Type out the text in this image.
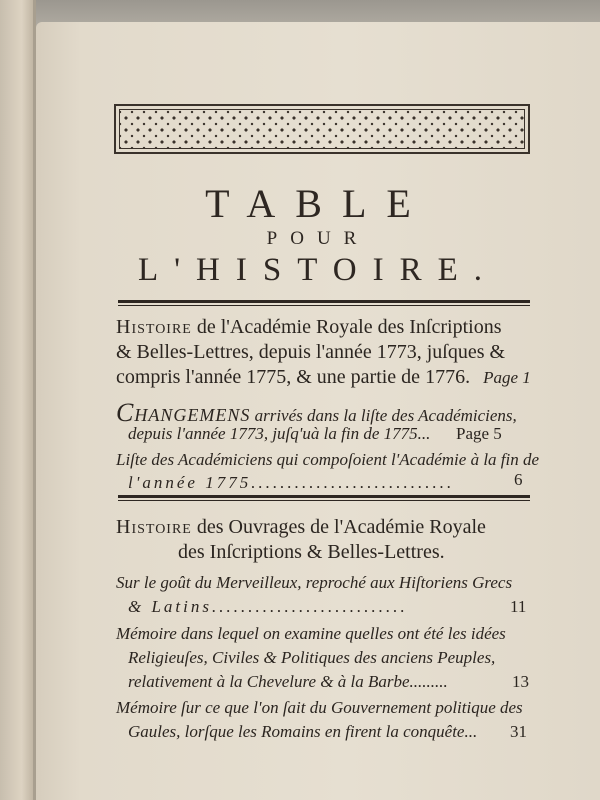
TABLE
POUR
L'HISTOIRE.
Histoire de l'Académie Royale des Inſcriptions
& Belles-Lettres, depuis l'année 1773, juſques &
compris l'année 1775, & une partie de 1776. Page 1
Changemens arrivés dans la liſte des Académiciens,
depuis l'année 1773, juſq'uà la fin de 1775... Page 5
Liſte des Académiciens qui compoſoient l'Académie à la fin de
l'année 1775............................	6
Histoire des Ouvrages de l'Académie Royale
des Inſcriptions & Belles-Lettres.
Sur le goût du Merveilleux, reproché aux Hiſtoriens Grecs
& Latins...........................	11
Mémoire dans lequel on examine quelles ont été les idées
Religieuſes, Civiles & Politiques des anciens Peuples,
relativement à la Chevelure & à la Barbe.........	13
Mémoire ſur ce que l'on ſait du Gouvernement politique des
Gaules, lorſque les Romains en firent la conquête... 31
